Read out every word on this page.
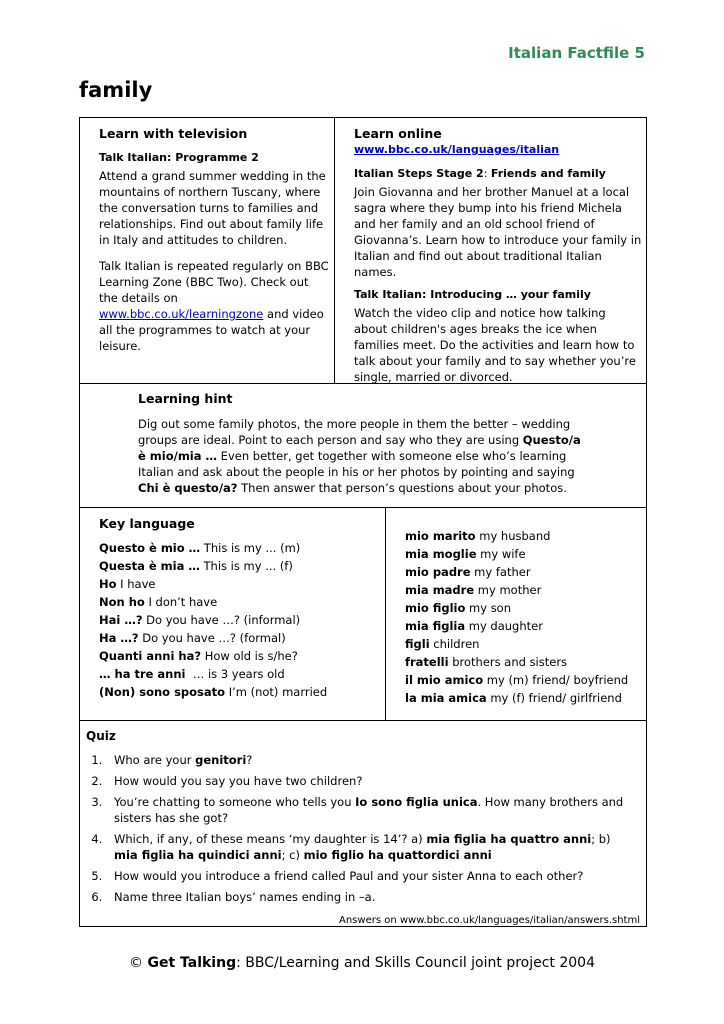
Italian Factfile 5
family
Learn with television
Talk Italian: Programme 2
Attend a grand summer wedding in the mountains of northern Tuscany, where the conversation turns to families and relationships. Find out about family life in Italy and attitudes to children.
Talk Italian is repeated regularly on BBC Learning Zone (BBC Two). Check out the details on www.bbc.co.uk/learningzone and video all the programmes to watch at your leisure.
Learn online
www.bbc.co.uk/languages/italian
Italian Steps Stage 2: Friends and family
Join Giovanna and her brother Manuel at a local sagra where they bump into his friend Michela and her family and an old school friend of Giovanna’s. Learn how to introduce your family in Italian and find out about traditional Italian names.
Talk Italian: Introducing … your family
Watch the video clip and notice how talking about children's ages breaks the ice when families meet. Do the activities and learn how to talk about your family and to say whether you’re single, married or divorced.
Learning hint
Dig out some family photos, the more people in them the better – wedding groups are ideal. Point to each person and say who they are using Questo/a è mio/mia … Even better, get together with someone else who’s learning Italian and ask about the people in his or her photos by pointing and saying Chi è questo/a? Then answer that person’s questions about your photos.
Key language
Questo è mio … This is my ... (m)
Questa è mia … This is my ... (f)
Ho I have
Non ho I don’t have
Hai …? Do you have …? (informal)
Ha …? Do you have …? (formal)
Quanti anni ha? How old is s/he?
… ha tre anni  … is 3 years old
(Non) sono sposato I’m (not) married
mio marito my husband
mia moglie my wife
mio padre my father
mia madre my mother
mio figlio my son
mia figlia my daughter
figli children
fratelli brothers and sisters
il mio amico my (m) friend/ boyfriend
la mia amica my (f) friend/ girlfriend
Quiz
1. Who are your genitori?
2. How would you say you have two children?
3. You’re chatting to someone who tells you Io sono figlia unica. How many brothers and sisters has she got?
4. Which, if any, of these means ‘my daughter is 14’? a) mia figlia ha quattro anni; b) mia figlia ha quindici anni; c) mio figlio ha quattordici anni
5. How would you introduce a friend called Paul and your sister Anna to each other?
6. Name three Italian boys’ names ending in –a.
Answers on www.bbc.co.uk/languages/italian/answers.shtml
© Get Talking: BBC/Learning and Skills Council joint project 2004
